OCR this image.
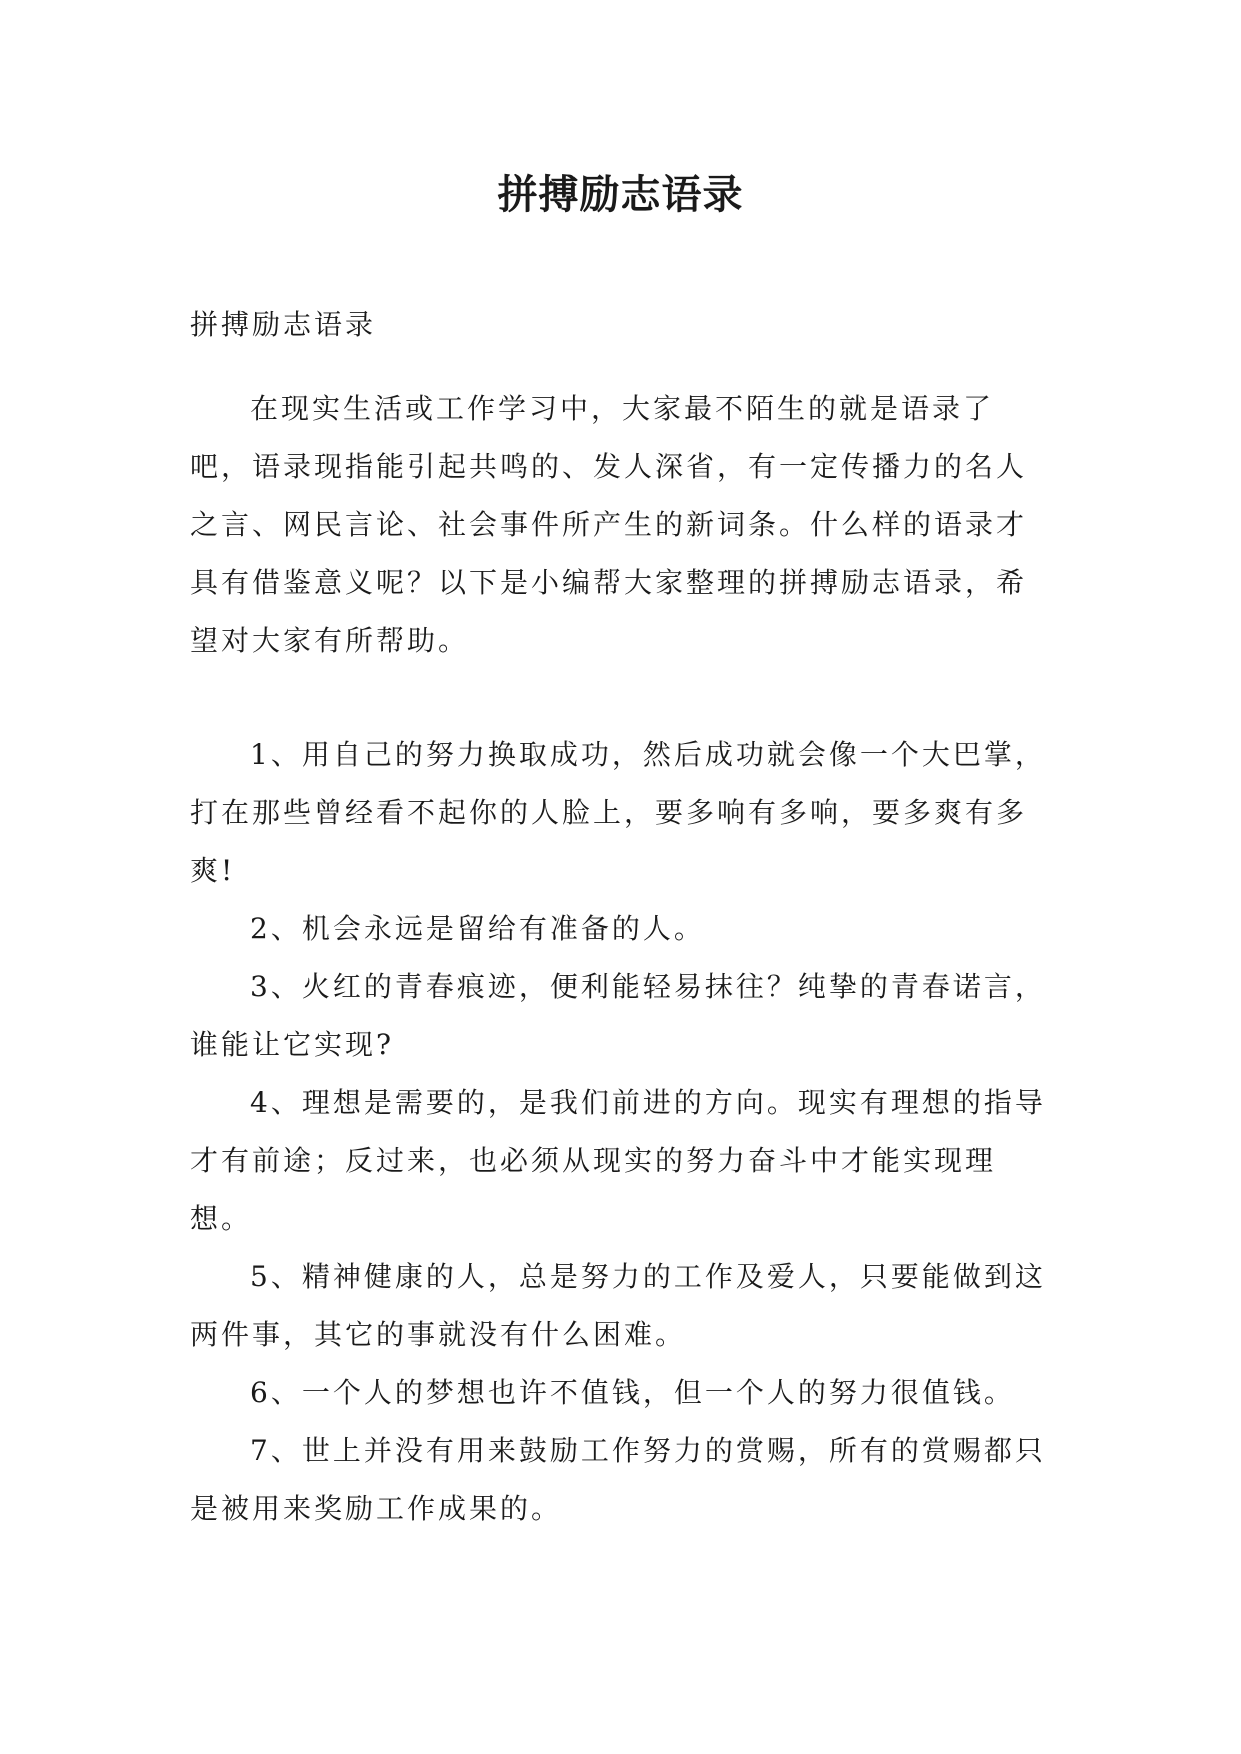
拼搏励志语录

拼搏励志语录

在现实生活或工作学习中，大家最不陌生的就是语录了吧，语录现指能引起共鸣的、发人深省，有一定传播力的名人之言、网民言论、社会事件所产生的新词条。什么样的语录才具有借鉴意义呢？以下是小编帮大家整理的拼搏励志语录，希望对大家有所帮助。

1、用自己的努力换取成功，然后成功就会像一个大巴掌，打在那些曾经看不起你的人脸上，要多响有多响，要多爽有多爽!

2、机会永远是留给有准备的人。

3、火红的青春痕迹，便利能轻易抹往？纯挚的青春诺言，谁能让它实现?

4、理想是需要的，是我们前进的方向。现实有理想的指导才有前途；反过来，也必须从现实的努力奋斗中才能实现理想。

5、精神健康的人，总是努力的工作及爱人，只要能做到这两件事，其它的事就没有什么困难。

6、一个人的梦想也许不值钱，但一个人的努力很值钱。

7、世上并没有用来鼓励工作努力的赏赐，所有的赏赐都只是被用来奖励工作成果的。
